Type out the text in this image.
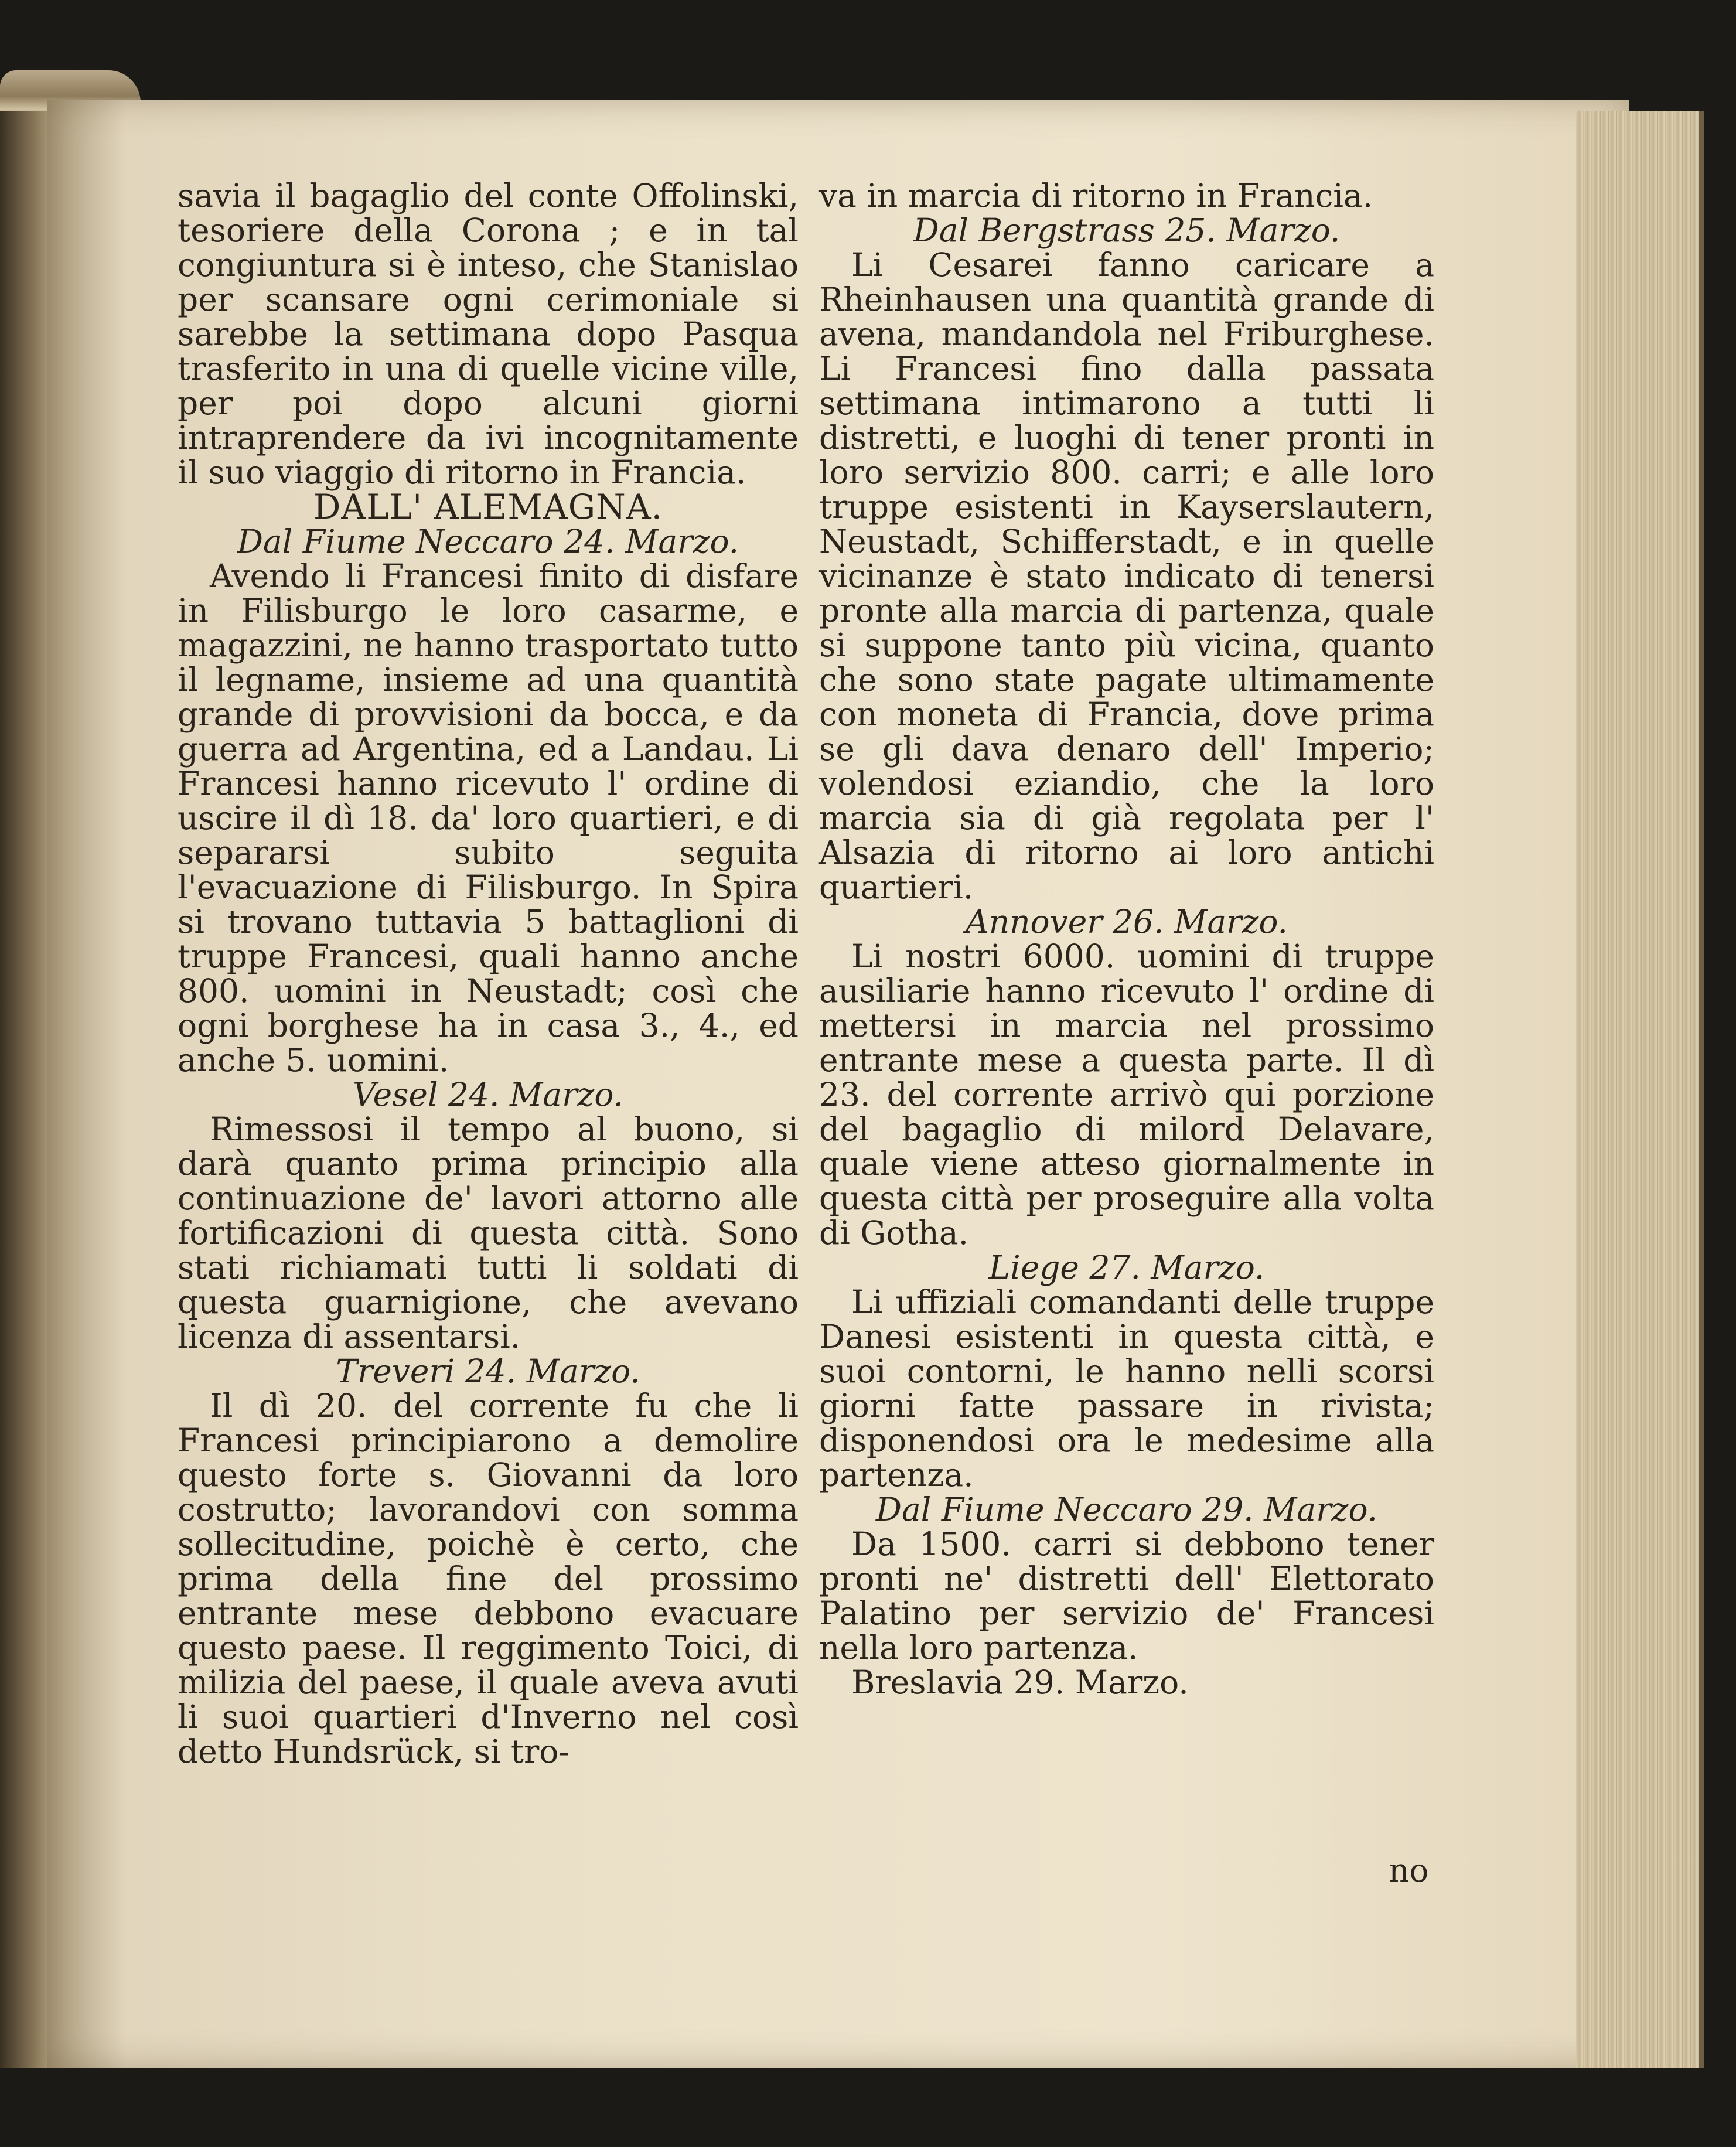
savia il bagaglio del conte Offolinski, tesoriere della Corona ; e in tal congiuntura si è inteso, che Stanislao per scansare ogni cerimoniale si sarebbe la settimana dopo Pasqua trasferito in una di quelle vicine ville, per poi dopo alcuni giorni intraprendere da ivi incognitamente il suo viaggio di ritorno in Francia.

DALL' ALEMAGNA.

Dal Fiume Neccaro 24. Marzo.

Avendo li Francesi finito di disfare in Filisburgo le loro casarme, e magazzini, ne hanno trasportato tutto il legname, insieme ad una quantità grande di provvisioni da bocca, e da guerra ad Argentina, ed a Landau. Li Francesi hanno ricevuto l' ordine di uscire il dì 18. da' loro quartieri, e di separarsi subito seguita l'evacuazione di Filisburgo. In Spira si trovano tuttavia 5 battaglioni di truppe Francesi, quali hanno anche 800. uomini in Neustadt; così che ogni borghese ha in casa 3., 4., ed anche 5. uomini.

Vesel 24. Marzo.

Rimessosi il tempo al buono, si darà quanto prima principio alla continuazione de' lavori attorno alle fortificazioni di questa città. Sono stati richiamati tutti li soldati di questa guarnigione, che avevano licenza di assentarsi.

Treveri 24. Marzo.

Il dì 20. del corrente fu che li Francesi principiarono a demolire questo forte s. Giovanni da loro costrutto; lavorandovi con somma sollecitudine, poichè è certo, che prima della fine del prossimo entrante mese debbono evacuare questo paese. Il reggimento Toici, di milizia del paese, il quale aveva avuti li suoi quartieri d'Inverno nel così detto Hundsrück, si tro-

va in marcia di ritorno in Francia.

Dal Bergstrass 25. Marzo.

Li Cesarei fanno caricare a Rheinhausen una quantità grande di avena, mandandola nel Friburghese. Li Francesi fino dalla passata settimana intimarono a tutti li distretti, e luoghi di tener pronti in loro servizio 800. carri; e alle loro truppe esistenti in Kayserslautern, Neustadt, Schifferstadt, e in quelle vicinanze è stato indicato di tenersi pronte alla marcia di partenza, quale si suppone tanto più vicina, quanto che sono state pagate ultimamente con moneta di Francia, dove prima se gli dava denaro dell' Imperio; volendosi eziandio, che la loro marcia sia di già regolata per l' Alsazia di ritorno ai loro antichi quartieri.

Annover 26. Marzo.

Li nostri 6000. uomini di truppe ausiliarie hanno ricevuto l' ordine di mettersi in marcia nel prossimo entrante mese a questa parte. Il dì 23. del corrente arrivò qui porzione del bagaglio di milord Delavare, quale viene atteso giornalmente in questa città per proseguire alla volta di Gotha.

Liege 27. Marzo.

Li uffiziali comandanti delle truppe Danesi esistenti in questa città, e suoi contorni, le hanno nelli scorsi giorni fatte passare in rivista; disponendosi ora le medesime alla partenza.

Dal Fiume Neccaro 29. Marzo.

Da 1500. carri si debbono tener pronti ne' distretti dell' Elettorato Palatino per servizio de' Francesi nella loro partenza.

Breslavia 29. Marzo.

no
